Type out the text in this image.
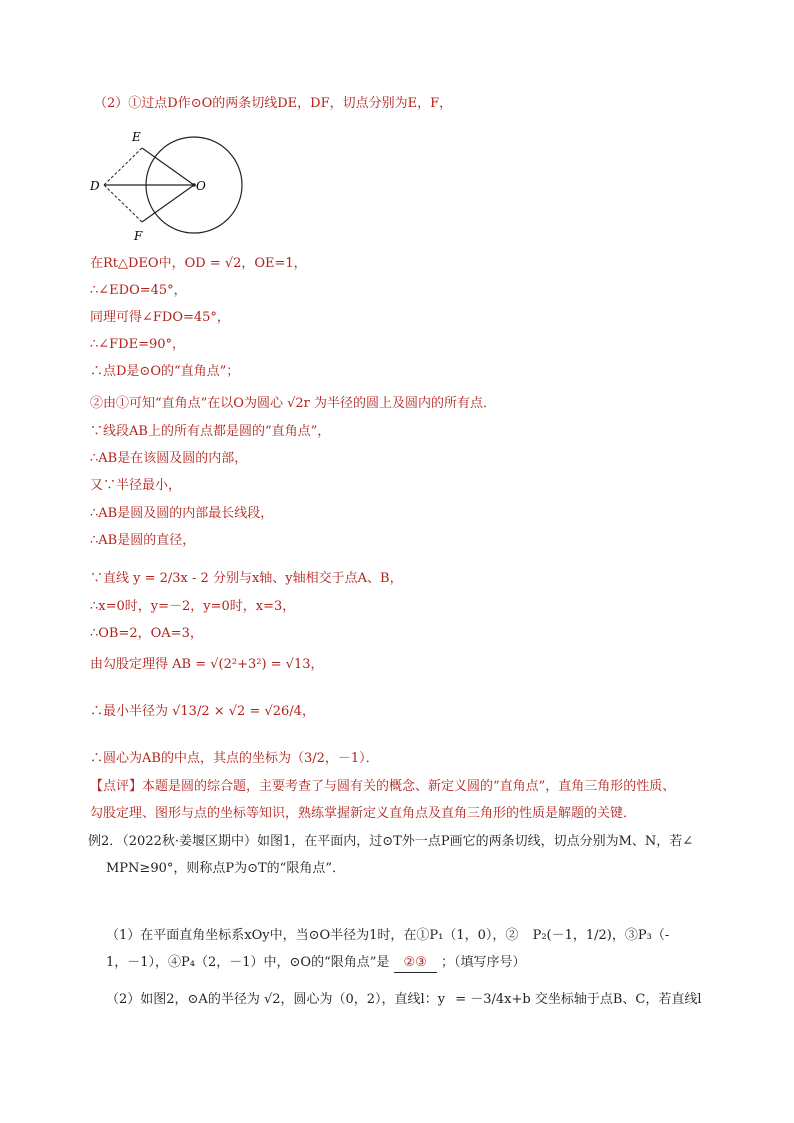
（2）①过点D作⊙O的两条切线DE，DF，切点分别为E，F，
E
D	O
F
在Rt△DEO中，OD = √2，OE=1，
∴∠EDO=45°，
同理可得∠FDO=45°，
∴∠FDE=90°，
∴点D是⊙O的“直角点”；
②由①可知“直角点”在以O为圆心 √2r 为半径的圆上及圆内的所有点．
∵线段AB上的所有点都是圆的“直角点”，
∴AB是在该圆及圆的内部，
又∵半径最小，
∴AB是圆及圆的内部最长线段，
∴AB是圆的直径，
∵直线 y = 2/3x - 2 分别与x轴、y轴相交于点A、B，
∴x=0时，y=－2，y=0时，x=3，
∴OB=2，OA=3，
由勾股定理得 AB = √(2²+3²) = √13，
∴最小半径为 √13/2 × √2 = √26/4，
∴圆心为AB的中点，其点的坐标为（3/2，－1）．
【点评】本题是圆的综合题，主要考查了与圆有关的概念、新定义圆的“直角点”，直角三角形的性质、
勾股定理、图形与点的坐标等知识，熟练掌握新定义直角点及直角三角形的性质是解题的关键．
例2．（2022秋·姜堰区期中）如图1，在平面内，过⊙T外一点P画它的两条切线，切点分别为M、N，若∠
MPN≥90°，则称点P为⊙T的“限角点”．
（1）在平面直角坐标系xOy中，当⊙O半径为1时，在①P₁（1，0），② P₂(－1，1/2)，③P₃（-
1，－1），④P₄（2，－1）中，⊙O的“限角点”是 ②③ ；（填写序号）
（2）如图2，⊙A的半径为 √2，圆心为（0，2），直线l：y = －3/4x+b 交坐标轴于点B、C，若直线l
